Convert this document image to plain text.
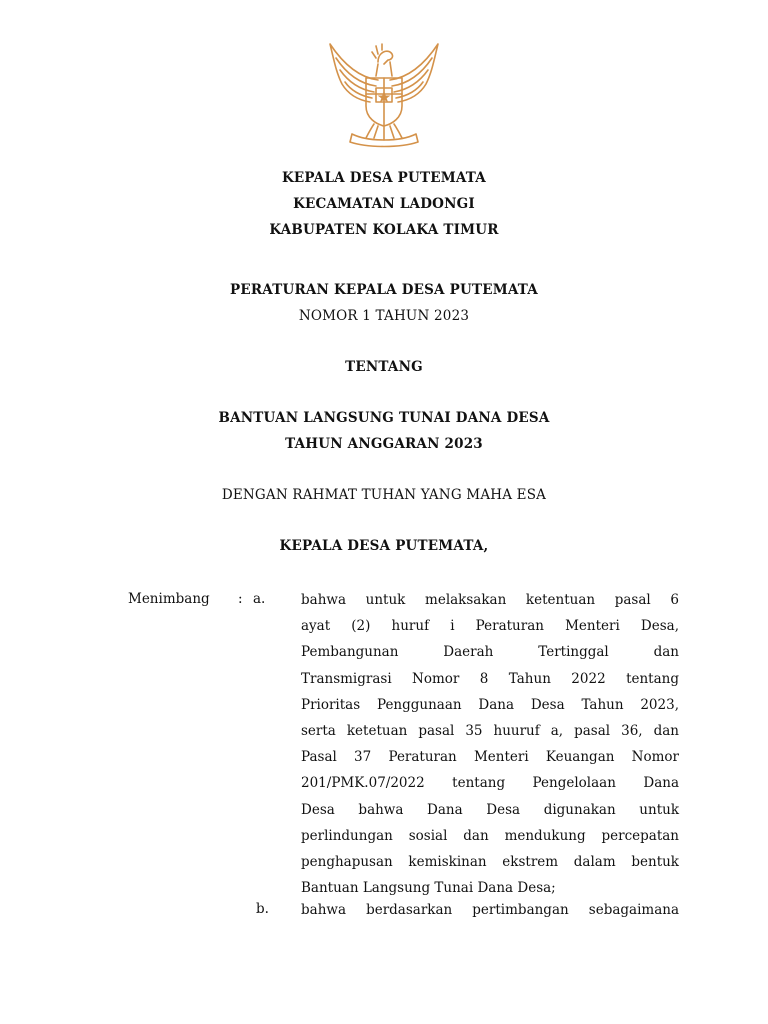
KEPALA DESA PUTEMATA
KECAMATAN LADONGI
KABUPATEN KOLAKA TIMUR
PERATURAN KEPALA DESA PUTEMATA
NOMOR 1 TAHUN 2023
TENTANG
BANTUAN LANGSUNG TUNAI DANA DESA
TAHUN ANGGARAN 2023
DENGAN RAHMAT TUHAN YANG MAHA ESA
KEPALA DESA PUTEMATA,
Menimbang : a.	bahwa untuk melaksakan ketentuan pasal 6
ayat (2) huruf i Peraturan Menteri Desa,
Pembangunan Daerah Tertinggal dan
Transmigrasi Nomor 8 Tahun 2022 tentang
Prioritas Penggunaan Dana Desa Tahun 2023,
serta ketetuan pasal 35 huuruf a, pasal 36, dan
Pasal 37 Peraturan Menteri Keuangan Nomor
201/PMK.07/2022 tentang Pengelolaan Dana
Desa bahwa Dana Desa digunakan untuk
perlindungan sosial dan mendukung percepatan
penghapusan kemiskinan ekstrem dalam bentuk
Bantuan Langsung Tunai Dana Desa;
b. bahwa berdasarkan pertimbangan sebagaimana
